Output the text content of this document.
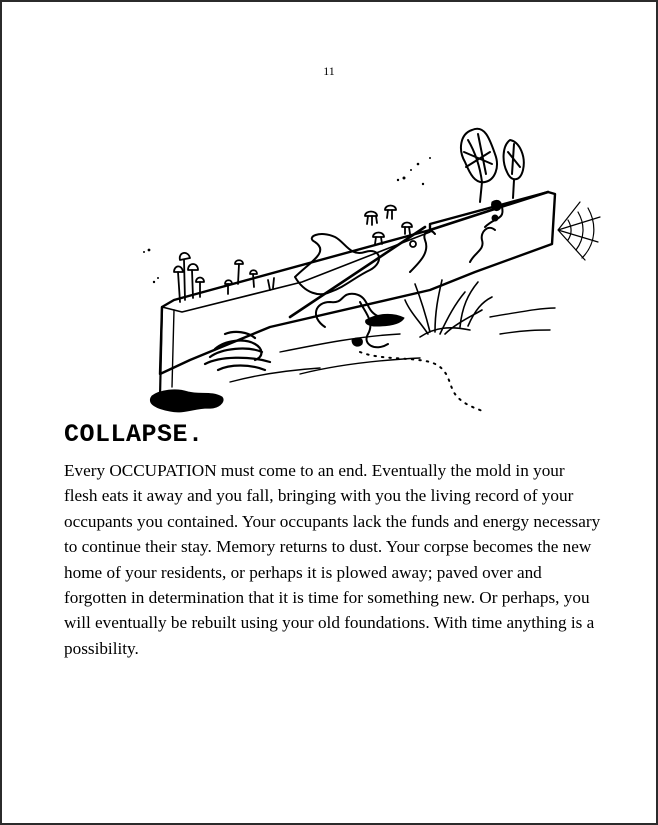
11
COLLAPSE.

Every OCCUPATION must come to an end. Eventually the mold in your flesh eats it away and you fall, bringing with you the living record of your occupants you contained. Your occupants lack the funds and energy necessary to continue their stay. Memory returns to dust. Your corpse becomes the new home of your residents, or perhaps it is plowed away; paved over and forgotten in determination that it is time for something new. Or perhaps, you will eventually be rebuilt using your old foundations. With time anything is a possibility.
